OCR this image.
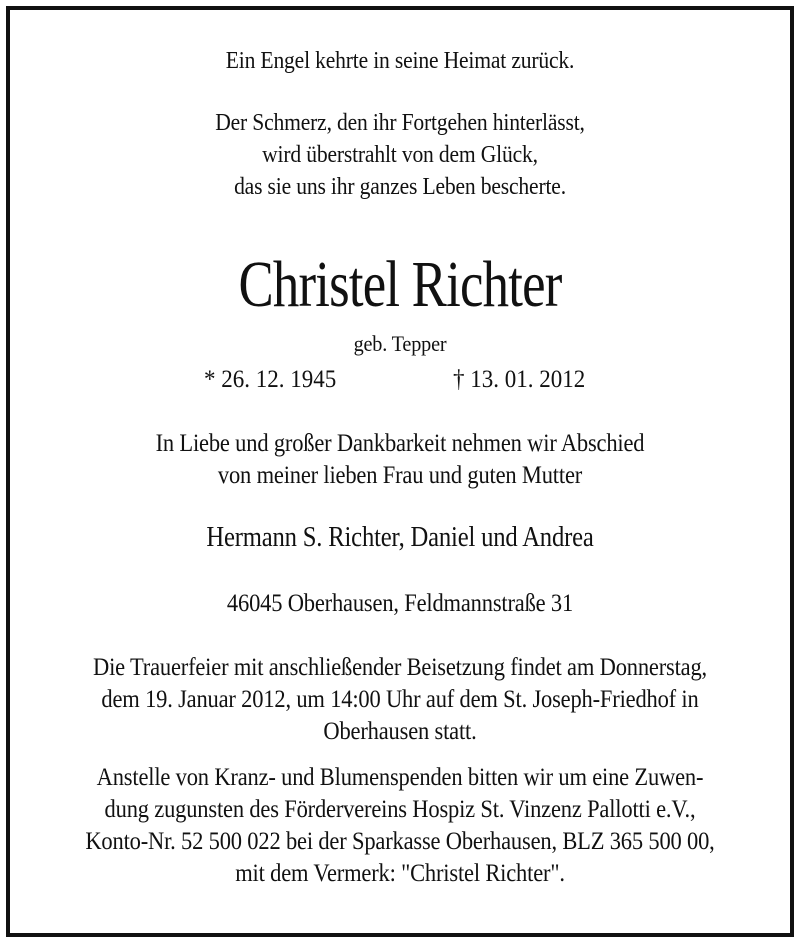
Ein Engel kehrte in seine Heimat zurück.

Der Schmerz, den ihr Fortgehen hinterlässt,

wird überstrahlt von dem Glück,

das sie uns ihr ganzes Leben bescherte.

Christel Richter

geb. Tepper

* 26. 12. 1945	† 13. 01. 2012

In Liebe und großer Dankbarkeit nehmen wir Abschied

von meiner lieben Frau und guten Mutter

Hermann S. Richter, Daniel und Andrea

46045 Oberhausen, Feldmannstraße 31

Die Trauerfeier mit anschließender Beisetzung findet am Donnerstag,

dem 19. Januar 2012, um 14:00 Uhr auf dem St. Joseph-Friedhof in

Oberhausen statt.

Anstelle von Kranz- und Blumenspenden bitten wir um eine Zuwen-

dung zugunsten des Fördervereins Hospiz St. Vinzenz Pallotti e.V.,

Konto-Nr. 52 500 022 bei der Sparkasse Oberhausen, BLZ 365 500 00,

mit dem Vermerk: "Christel Richter".
